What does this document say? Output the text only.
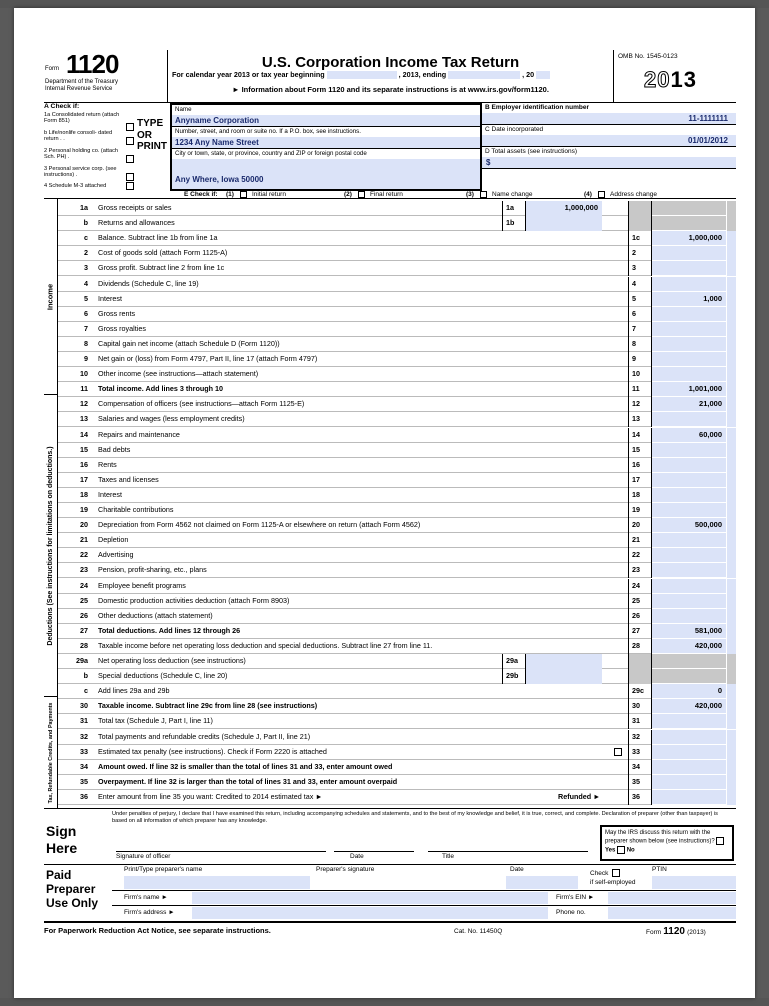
Form 1120
Department of the Treasury
Internal Revenue Service
U.S. Corporation Income Tax Return
For calendar year 2013 or tax year beginning	, 2013, ending	, 20
► Information about Form 1120 and its separate instructions is at www.irs.gov/form1120.
OMB No. 1545-0123
2013
A Check if:
1a Consolidated return (attach Form 851)
b Life/nonlife consoli- dated return . .
2 Personal holding co. (attach Sch. PH) .
3 Personal service corp. (see instructions) .
4 Schedule M-3 attached
TYPE
OR
PRINT
Name
Anyname Corporation
Number, street, and room or suite no. If a P.O. box, see instructions.
1234 Any Name Street
City or town, state, or province, country and ZIP or foreign postal code
Any Where, Iowa 50000
B Employer identification number
11-1111111
C Date incorporated
01/01/2012
D Total assets (see instructions)
$
E Check if: (1)	Initial return	(2)	Final return	(3)	Name change	(4)	Address change
Income
Deductions (See instructions for limitations on deductions.)
Tax, Refundable Credits, and Payments
1a Gross receipts or sales	1a	1,000,000
b Returns and allowances	1b
c Balance. Subtract line 1b from line 1a	1c	1,000,000
2 Cost of goods sold (attach Form 1125-A)	2
3 Gross profit. Subtract line 2 from line 1c	3
4 Dividends (Schedule C, line 19)	4
5 Interest	5	1,000
6 Gross rents	6
7 Gross royalties	7
8 Capital gain net income (attach Schedule D (Form 1120))	8
9 Net gain or (loss) from Form 4797, Part II, line 17 (attach Form 4797)	9
10 Other income (see instructions—attach statement)	10
11 Total income. Add lines 3 through 10	11	1,001,000
12 Compensation of officers (see instructions—attach Form 1125-E)	12	21,000
13 Salaries and wages (less employment credits)	13
14 Repairs and maintenance	14	60,000
15 Bad debts	15
16 Rents	16
17 Taxes and licenses	17
18 Interest	18
19 Charitable contributions	19
20 Depreciation from Form 4562 not claimed on Form 1125-A or elsewhere on return (attach Form 4562)	20	500,000
21 Depletion	21
22 Advertising	22
23 Pension, profit-sharing, etc., plans	23
24 Employee benefit programs	24
25 Domestic production activities deduction (attach Form 8903)	25
26 Other deductions (attach statement)	26
27 Total deductions. Add lines 12 through 26	27	581,000
28 Taxable income before net operating loss deduction and special deductions. Subtract line 27 from line 11.	28	420,000
29a Net operating loss deduction (see instructions)	29a
b Special deductions (Schedule C, line 20)	29b
c Add lines 29a and 29b	29c	0
30 Taxable income. Subtract line 29c from line 28 (see instructions)	30	420,000
31 Total tax (Schedule J, Part I, line 11)	31
32 Total payments and refundable credits (Schedule J, Part II, line 21)	32
33 Estimated tax penalty (see instructions). Check if Form 2220 is attached	33
34 Amount owed. If line 32 is smaller than the total of lines 31 and 33, enter amount owed	34
35 Overpayment. If line 32 is larger than the total of lines 31 and 33, enter amount overpaid	35
36 Enter amount from line 35 you want: Credited to 2014 estimated tax ►	Refunded ►	36
Sign
Here
Under penalties of perjury, I declare that I have examined this return, including accompanying schedules and statements, and to the best of my knowledge and belief, it is true, correct, and complete. Declaration of preparer (other than taxpayer) is based on all information of which preparer has any knowledge.
Signature of officer	Date	Title
May the IRS discuss this return with the preparer shown below (see instructions)?  Yes No
Paid
Preparer
Use Only
Print/Type preparer's name	Preparer's signature	Date
Check
if self-employed
PTIN
Firm's name ►	Firm's EIN ►
Firm's address ►	Phone no.
For Paperwork Reduction Act Notice, see separate instructions.	Cat. No. 11450Q	Form 1120 (2013)
